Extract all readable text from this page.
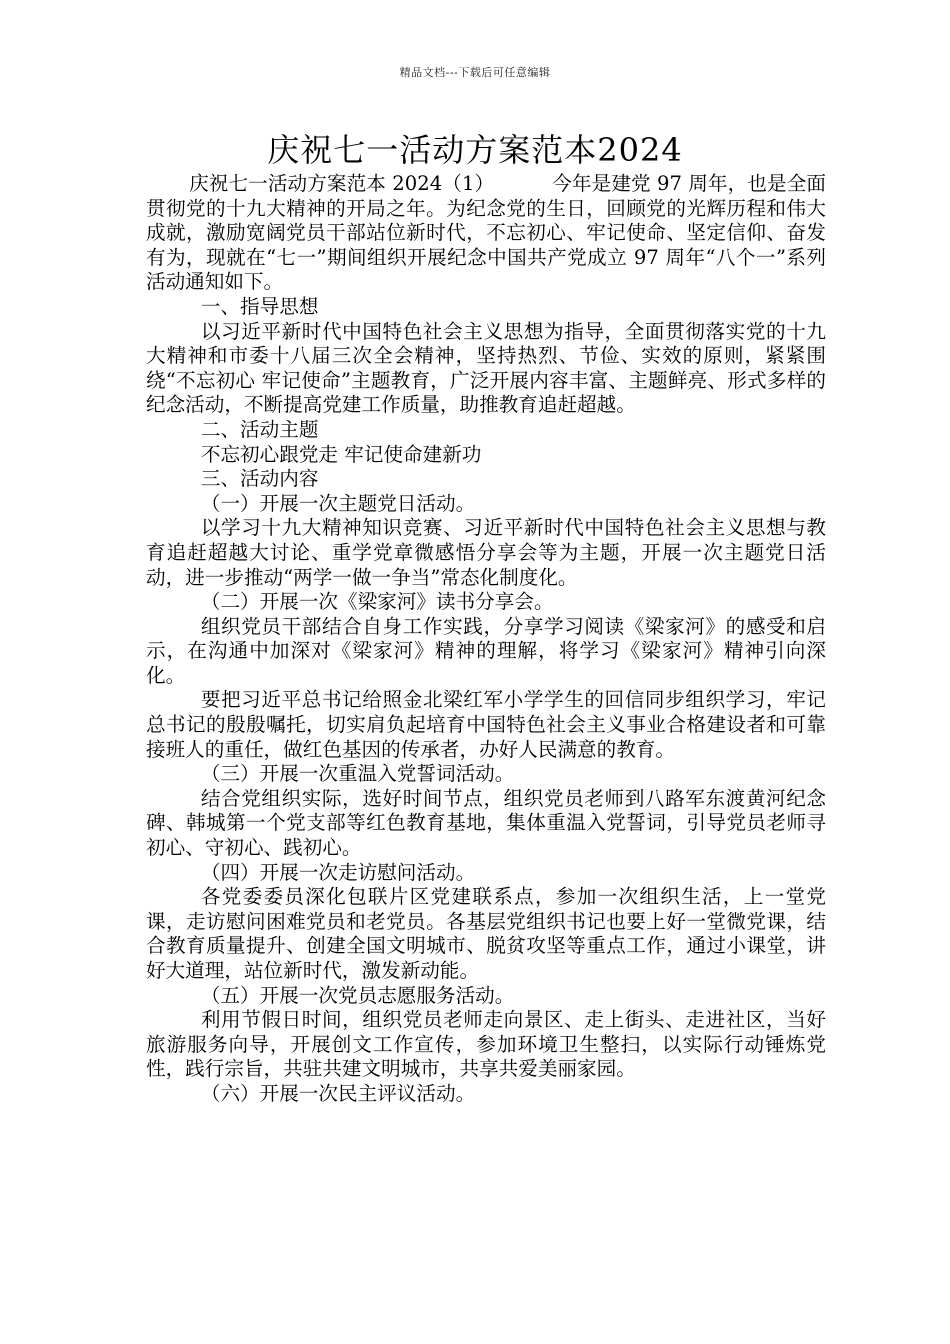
精品文档---下载后可任意编辑
庆祝七一活动方案范本2024

庆祝七一活动方案范本 2024（1）	今年是建党 97 周年，也是全面贯彻党的十九大精神的开局之年。为纪念党的生日，回顾党的光辉历程和伟大成就，激励宽阔党员干部站位新时代，不忘初心、牢记使命、坚定信仰、奋发有为，现就在“七一”期间组织开展纪念中国共产党成立 97 周年“八个一”系列活动通知如下。

一、指导思想

以习近平新时代中国特色社会主义思想为指导，全面贯彻落实党的十九大精神和市委十八届三次全会精神，坚持热烈、节俭、实效的原则，紧紧围绕“不忘初心 牢记使命”主题教育，广泛开展内容丰富、主题鲜亮、形式多样的纪念活动，不断提高党建工作质量，助推教育追赶超越。

二、活动主题

不忘初心跟党走 牢记使命建新功

三、活动内容

（一）开展一次主题党日活动。

以学习十九大精神知识竞赛、习近平新时代中国特色社会主义思想与教育追赶超越大讨论、重学党章微感悟分享会等为主题，开展一次主题党日活动，进一步推动“两学一做一争当”常态化制度化。

（二）开展一次《梁家河》读书分享会。

组织党员干部结合自身工作实践，分享学习阅读《梁家河》的感受和启示，在沟通中加深对《梁家河》精神的理解，将学习《梁家河》精神引向深化。

要把习近平总书记给照金北梁红军小学学生的回信同步组织学习，牢记总书记的殷殷嘱托，切实肩负起培育中国特色社会主义事业合格建设者和可靠接班人的重任，做红色基因的传承者，办好人民满意的教育。

（三）开展一次重温入党誓词活动。

结合党组织实际，选好时间节点，组织党员老师到八路军东渡黄河纪念碑、韩城第一个党支部等红色教育基地，集体重温入党誓词，引导党员老师寻初心、守初心、践初心。

（四）开展一次走访慰问活动。

各党委委员深化包联片区党建联系点，参加一次组织生活，上一堂党课，走访慰问困难党员和老党员。各基层党组织书记也要上好一堂微党课，结合教育质量提升、创建全国文明城市、脱贫攻坚等重点工作，通过小课堂，讲好大道理，站位新时代，激发新动能。

（五）开展一次党员志愿服务活动。

利用节假日时间，组织党员老师走向景区、走上街头、走进社区，当好旅游服务向导，开展创文工作宣传，参加环境卫生整扫，以实际行动锤炼党性，践行宗旨，共驻共建文明城市，共享共爱美丽家园。

（六）开展一次民主评议活动。
